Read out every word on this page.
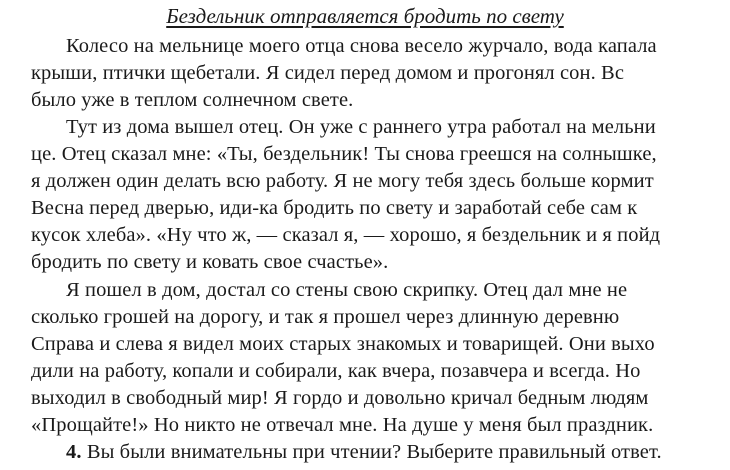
Бездельник отправляется бродить по свету
Колесо на мельнице моего отца снова весело журчало, вода капала
крыши, птички щебетали. Я сидел перед домом и прогонял сон. Вс
было уже в теплом солнечном свете.
Тут из дома вышел отец. Он уже с раннего утра работал на мельни
це. Отец сказал мне: «Ты, бездельник! Ты снова греешся на солнышке,
я должен один делать всю работу. Я не могу тебя здесь больше кормит
Весна перед дверью, иди-ка бродить по свету и заработай себе сам к
кусок хлеба». «Ну что ж, — сказал я, — хорошо, я бездельник и я пойд
бродить по свету и ковать свое счастье».
Я пошел в дом, достал со стены свою скрипку. Отец дал мне не
сколько грошей на дорогу, и так я прошел через длинную деревню
Справа и слева я видел моих старых знакомых и товарищей. Они выхо
дили на работу, копали и собирали, как вчера, позавчера и всегда. Но
выходил в свободный мир! Я гордо и довольно кричал бедным людям
«Прощайте!» Но никто не отвечал мне. На душе у меня был праздник.
4. Вы были внимательны при чтении? Выберите правильный ответ.
